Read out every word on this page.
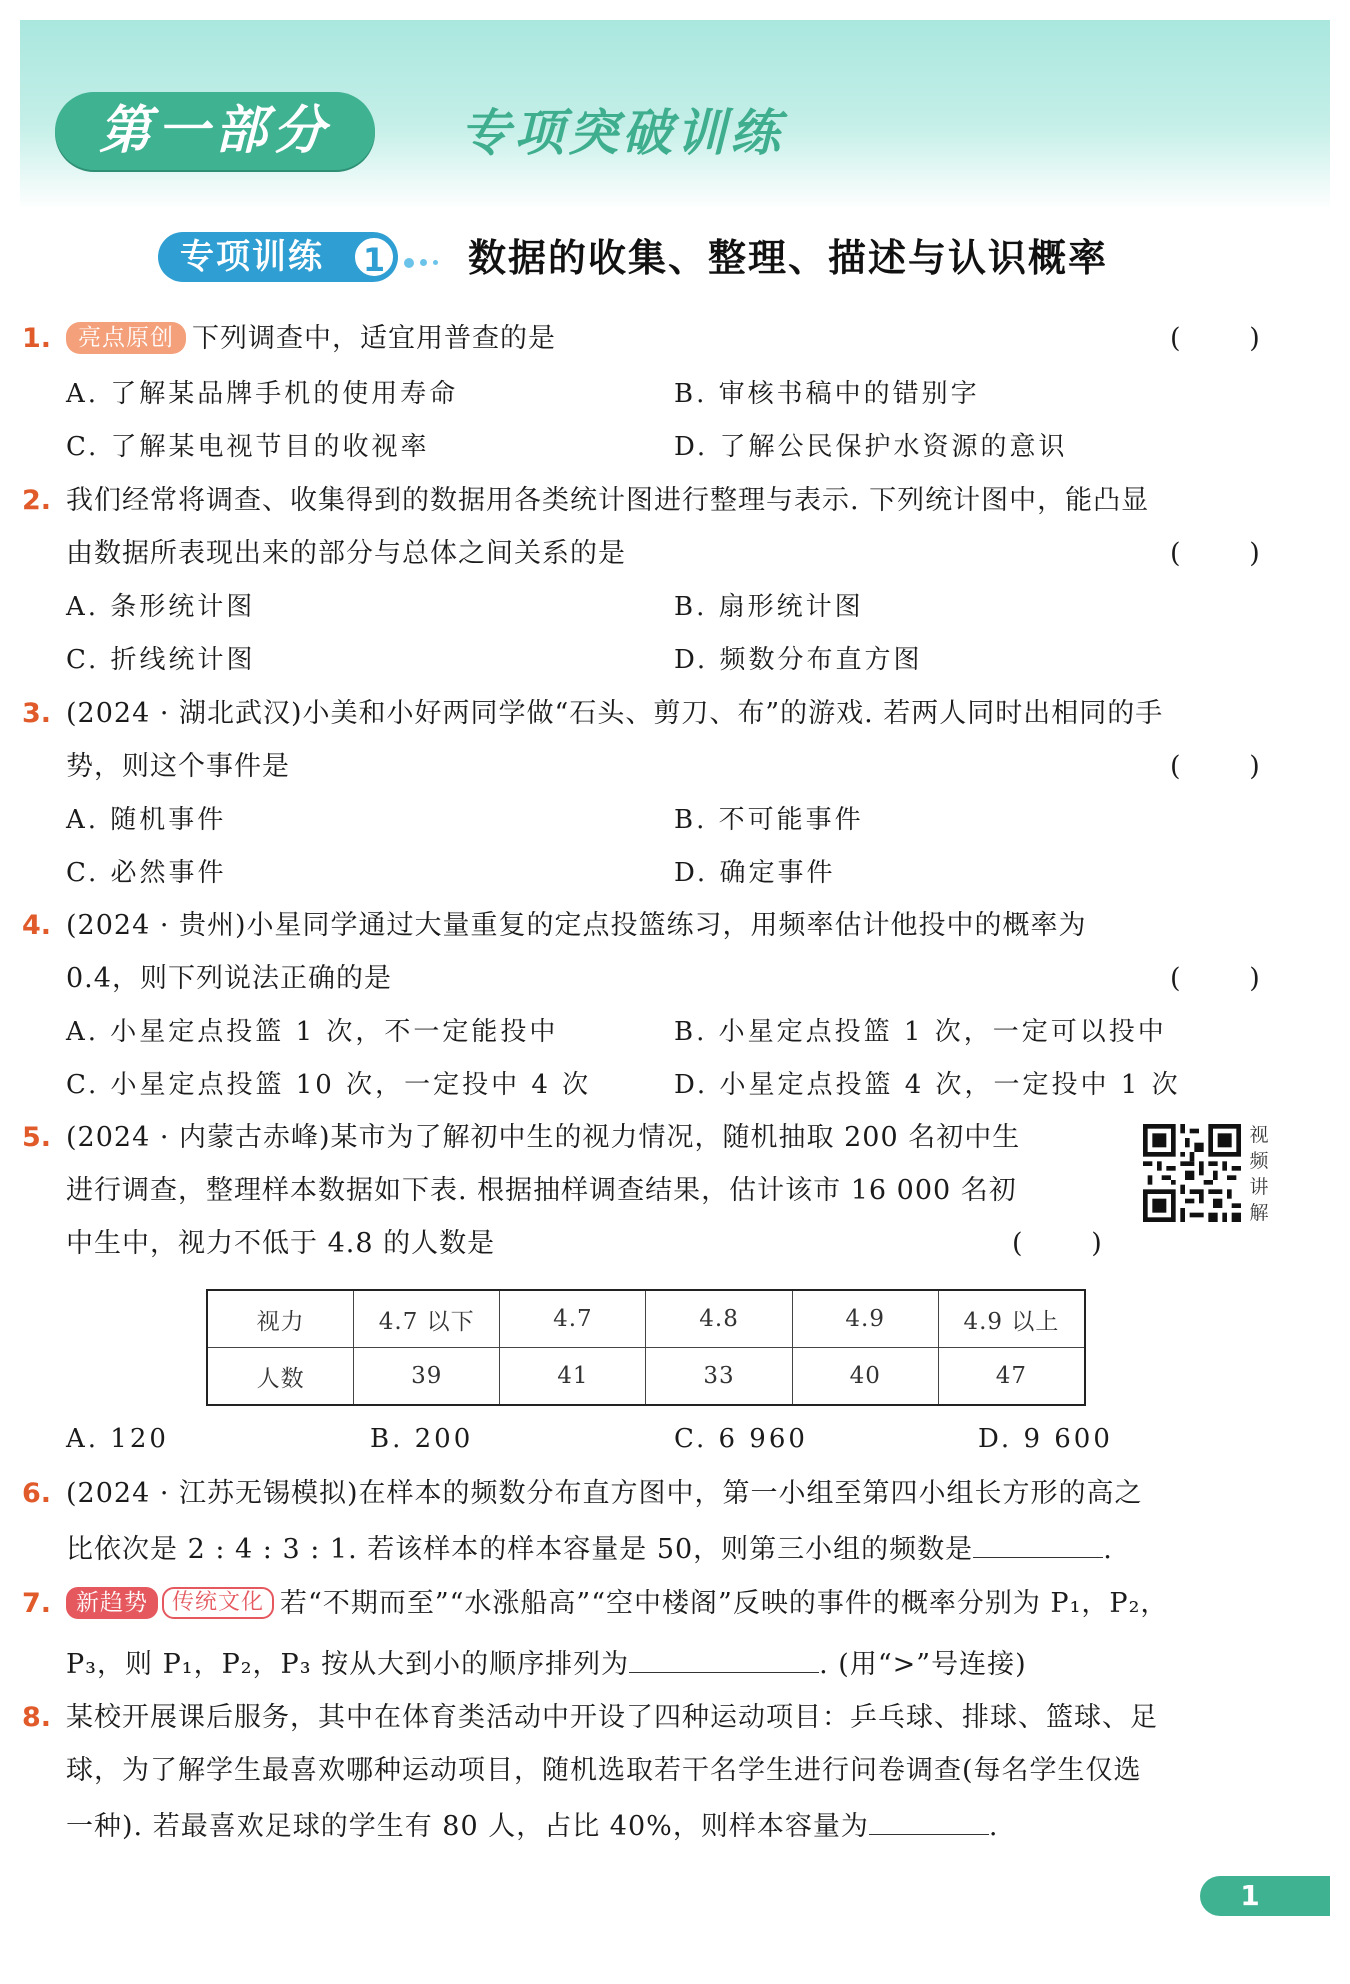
第一部分	专项突破训练
专项训练	1 数据的收集、整理、描述与认识概率
1.	亮点原创 下列调查中，适宜用普查的是	(        )
A. 了解某品牌手机的使用寿命	B. 审核书稿中的错别字
C. 了解某电视节目的收视率	D. 了解公民保护水资源的意识
2. 我们经常将调查、收集得到的数据用各类统计图进行整理与表示. 下列统计图中，能凸显
由数据所表现出来的部分与总体之间关系的是	(        )
A. 条形统计图	B. 扇形统计图
C. 折线统计图	D. 频数分布直方图
3. (2024 · 湖北武汉)小美和小好两同学做“石头、剪刀、布”的游戏. 若两人同时出相同的手
势，则这个事件是	(        )
A. 随机事件	B. 不可能事件
C. 必然事件	D. 确定事件
4. (2024 · 贵州)小星同学通过大量重复的定点投篮练习，用频率估计他投中的概率为
0.4，则下列说法正确的是	(        )
A. 小星定点投篮 1 次，不一定能投中	B. 小星定点投篮 1 次，一定可以投中
C. 小星定点投篮 10 次，一定投中 4 次	D. 小星定点投篮 4 次，一定投中 1 次
5. (2024 · 内蒙古赤峰)某市为了解初中生的视力情况，随机抽取 200 名初中生
进行调查，整理样本数据如下表. 根据抽样调查结果，估计该市 16 000 名初
中生中，视力不低于 4.8 的人数是	(        )
视频讲解
视力	4.7 以下	4.7	4.8	4.9	4.9 以上
人数	39	41	33	40	47
A. 120	B. 200	C. 6 960	D. 9 600
6. (2024 · 江苏无锡模拟)在样本的频数分布直方图中，第一小组至第四小组长方形的高之
比依次是 2 : 4 : 3 : 1. 若该样本的样本容量是 50，则第三小组的频数是	.
7.	新趋势 传统文化 若“不期而至”“水涨船高”“空中楼阁”反映的事件的概率分别为 P₁，P₂，
P₃，则 P₁，P₂，P₃ 按从大到小的顺序排列为	. (用“>”号连接)
8. 某校开展课后服务，其中在体育类活动中开设了四种运动项目：乒乓球、排球、篮球、足
球，为了解学生最喜欢哪种运动项目，随机选取若干名学生进行问卷调查(每名学生仅选
一种). 若最喜欢足球的学生有 80 人，占比 40%，则样本容量为	.
1
